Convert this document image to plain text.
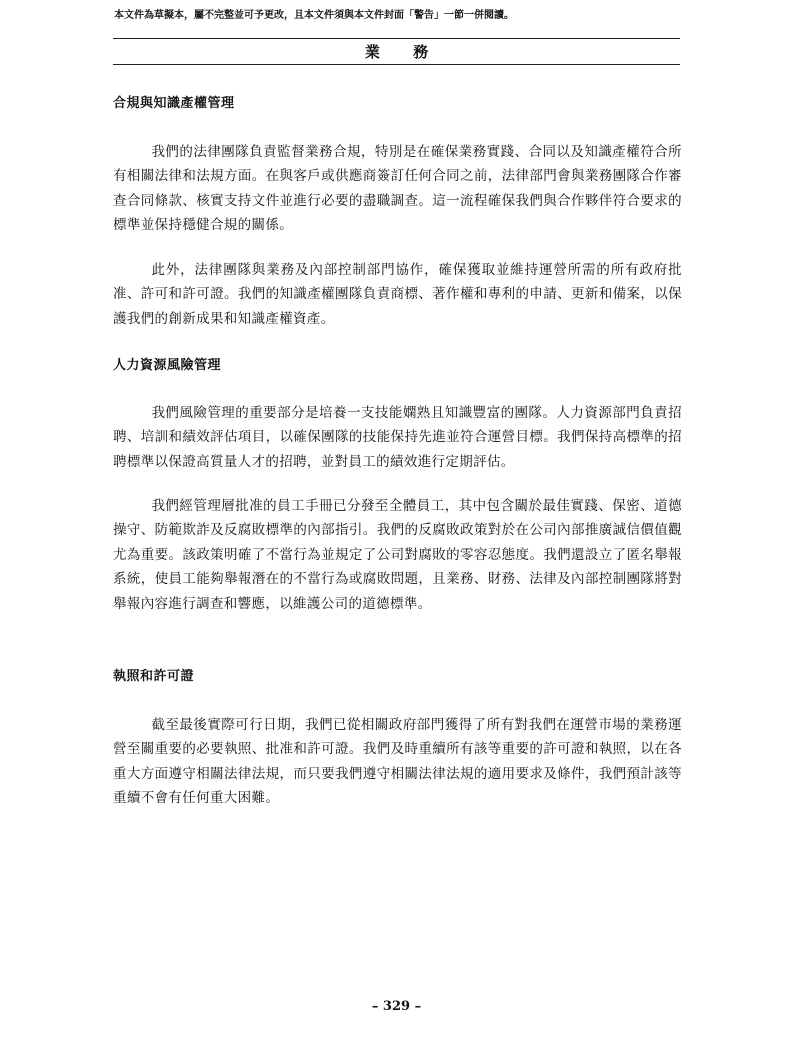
本文件為草擬本，屬不完整並可予更改，且本文件須與本文件封面「警告」一節一併閱讀。
業 務
合規與知識產權管理

我們的法律團隊負責監督業務合規，特別是在確保業務實踐、合同以及知識產權符合所有相關法律和法規方面。在與客戶或供應商簽訂任何合同之前，法律部門會與業務團隊合作審查合同條款、核實支持文件並進行必要的盡職調查。這一流程確保我們與合作夥伴符合要求的標準並保持穩健合規的關係。

此外，法律團隊與業務及內部控制部門協作，確保獲取並維持運營所需的所有政府批准、許可和許可證。我們的知識產權團隊負責商標、著作權和專利的申請、更新和備案，以保護我們的創新成果和知識產權資產。

人力資源風險管理

我們風險管理的重要部分是培養一支技能嫻熟且知識豐富的團隊。人力資源部門負責招聘、培訓和績效評估項目，以確保團隊的技能保持先進並符合運營目標。我們保持高標準的招聘標準以保證高質量人才的招聘，並對員工的績效進行定期評估。

我們經管理層批准的員工手冊已分發至全體員工，其中包含關於最佳實踐、保密、道德操守、防範欺詐及反腐敗標準的內部指引。我們的反腐敗政策對於在公司內部推廣誠信價值觀尤為重要。該政策明確了不當行為並規定了公司對腐敗的零容忍態度。我們還設立了匿名舉報系統，使員工能夠舉報潛在的不當行為或腐敗問題，且業務、財務、法律及內部控制團隊將對舉報內容進行調查和響應，以維護公司的道德標準。

執照和許可證

截至最後實際可行日期，我們已從相關政府部門獲得了所有對我們在運營市場的業務運營至關重要的必要執照、批准和許可證。我們及時重續所有該等重要的許可證和執照，以在各重大方面遵守相關法律法規，而只要我們遵守相關法律法規的適用要求及條件，我們預計該等重續不會有任何重大困難。

– 329 –
